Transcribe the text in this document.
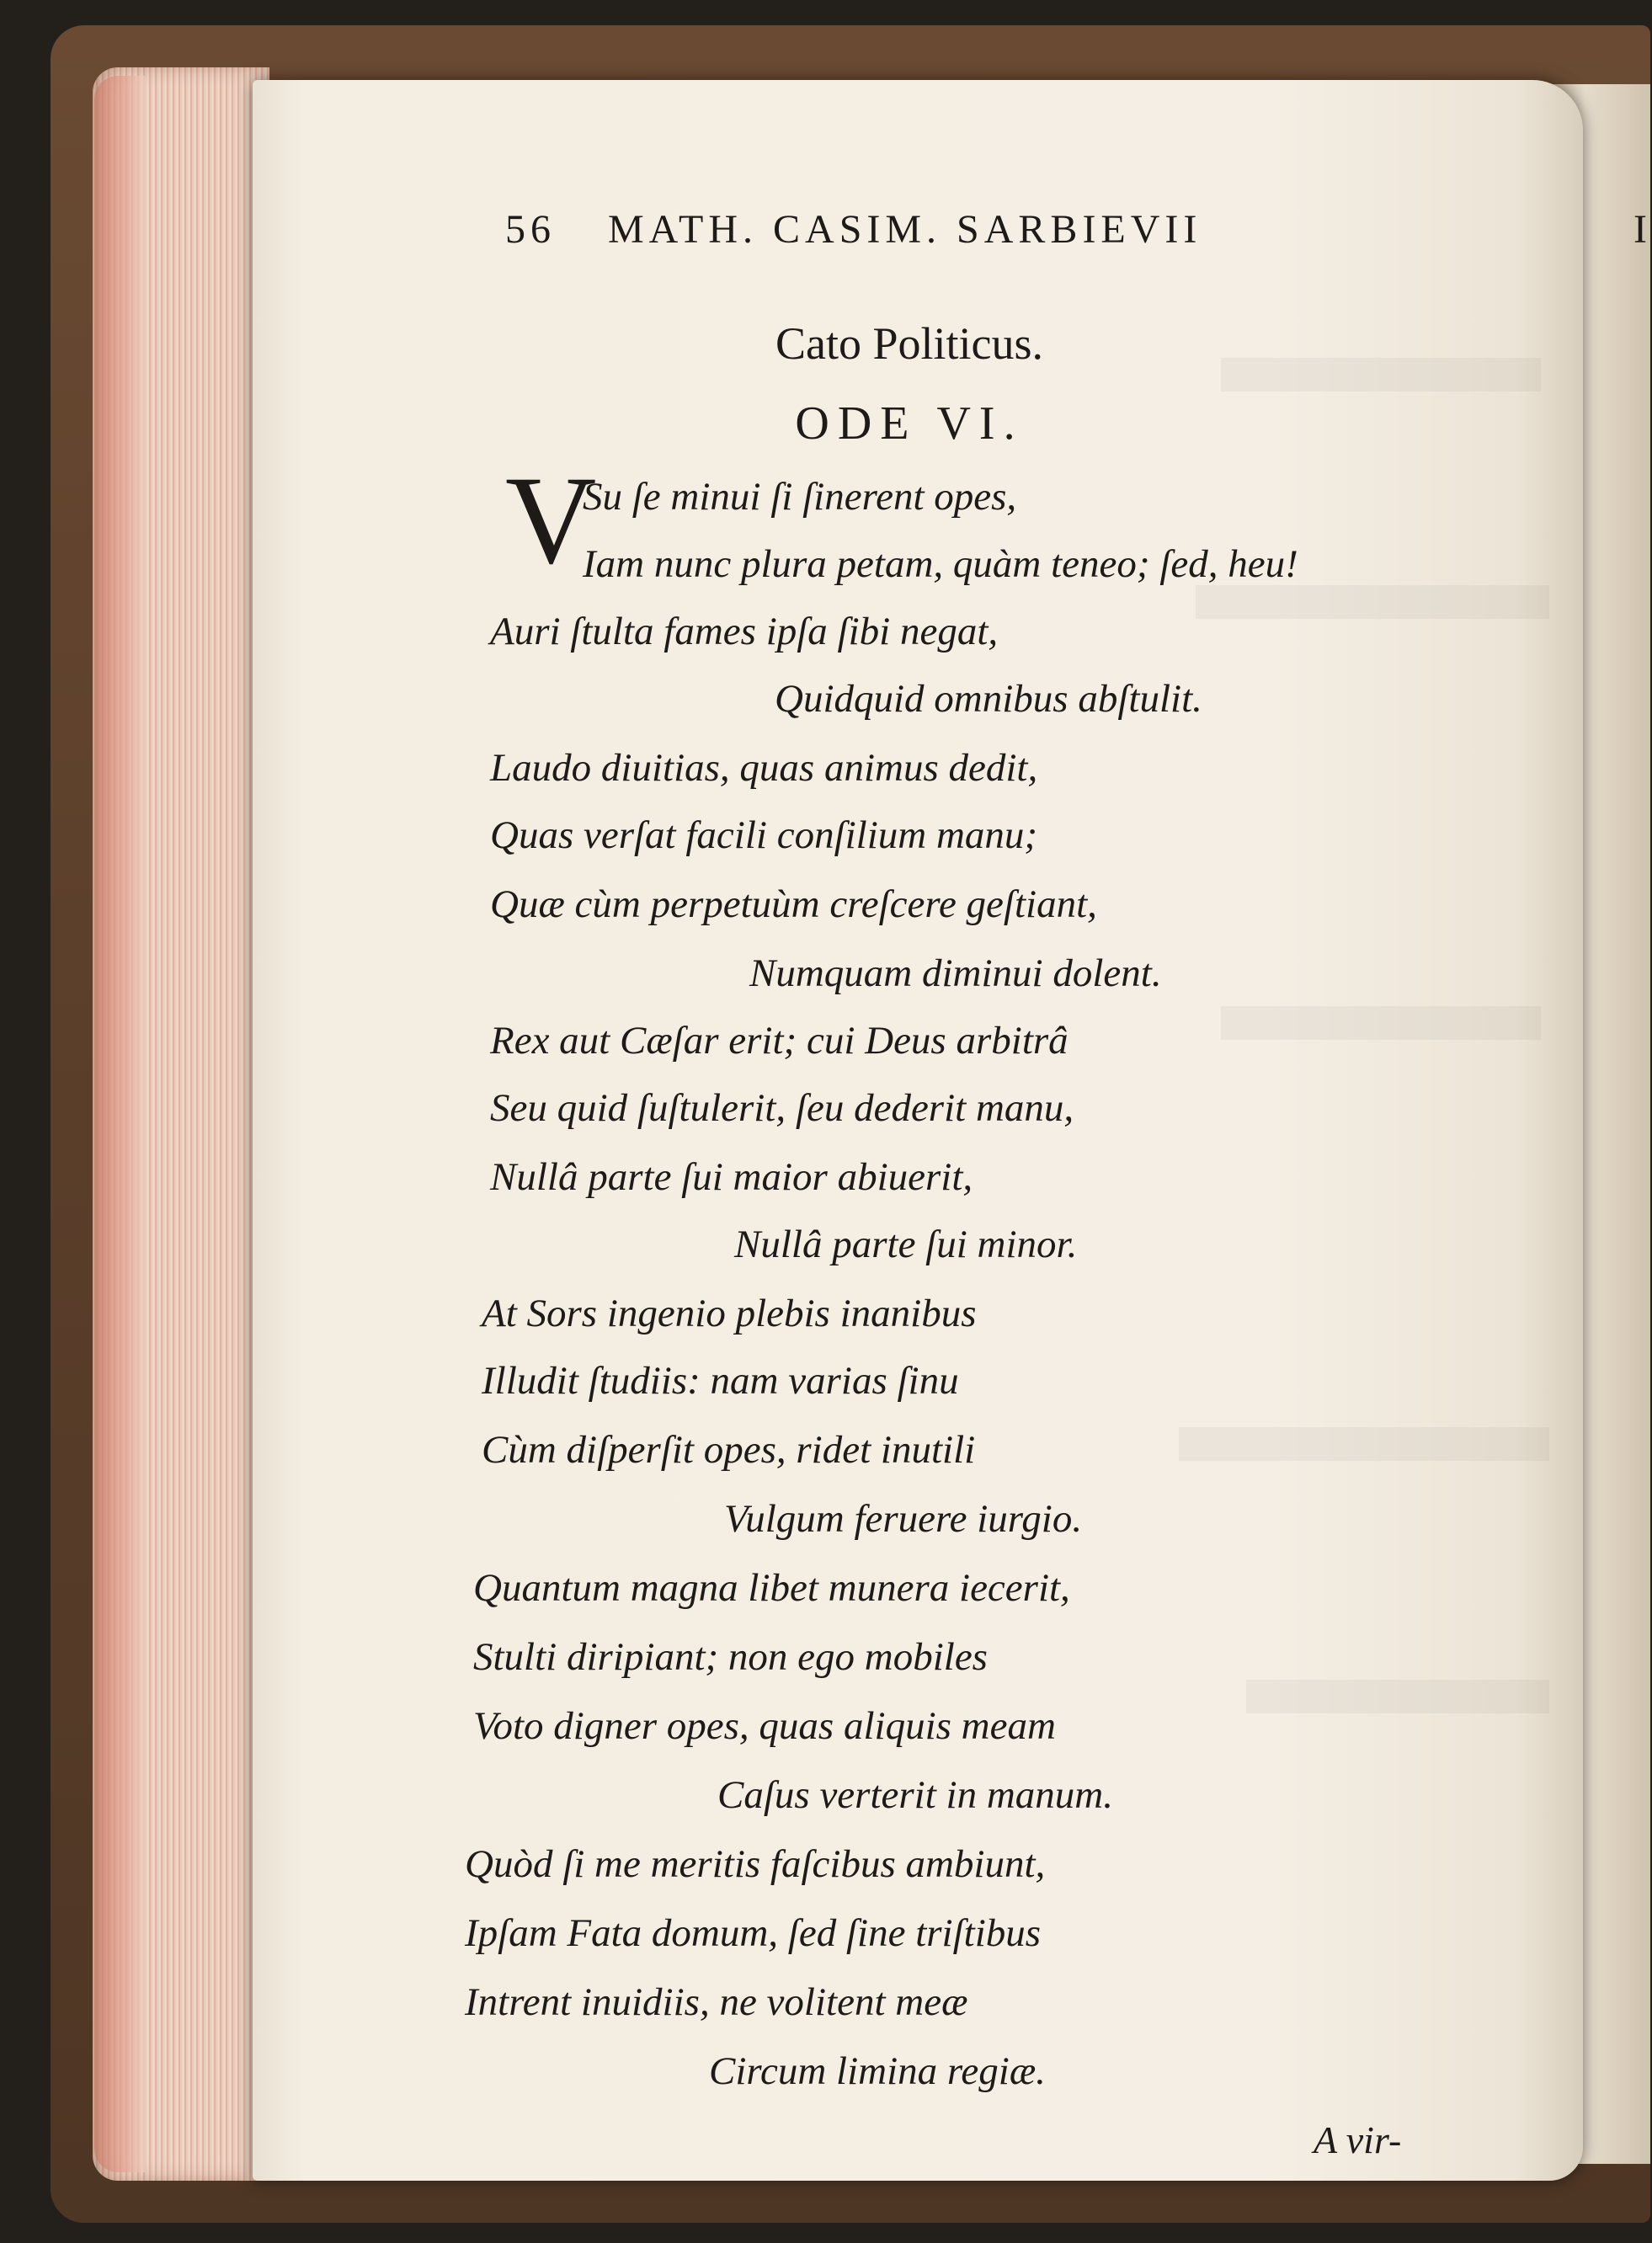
56 MATH. CASIM. SARBIEVII	I
Cato Politicus.
ODE VI.
V
Su ſe minui ſi ſinerent opes,
Iam nunc plura petam, quàm teneo; ſed, heu!
Auri ſtulta fames ipſa ſibi negat,
Quidquid omnibus abſtulit.
Laudo diuitias, quas animus dedit,
Quas verſat facili conſilium manu;
Quæ cùm perpetuùm creſcere geſtiant,
Numquam diminui dolent.
Rex aut Cæſar erit; cui Deus arbitrâ
Seu quid ſuſtulerit, ſeu dederit manu,
Nullâ parte ſui maior abiuerit,
Nullâ parte ſui minor.
At Sors ingenio plebis inanibus
Illudit ſtudiis: nam varias ſinu
Cùm diſperſit opes, ridet inutili
Vulgum feruere iurgio.
Quantum magna libet munera iecerit,
Stulti diripiant; non ego mobiles
Voto digner opes, quas aliquis meam
Caſus verterit in manum.
Quòd ſi me meritis faſcibus ambiunt,
Ipſam Fata domum, ſed ſine triſtibus
Intrent inuidiis, ne volitent meæ
Circum limina regiæ.
A vir-
